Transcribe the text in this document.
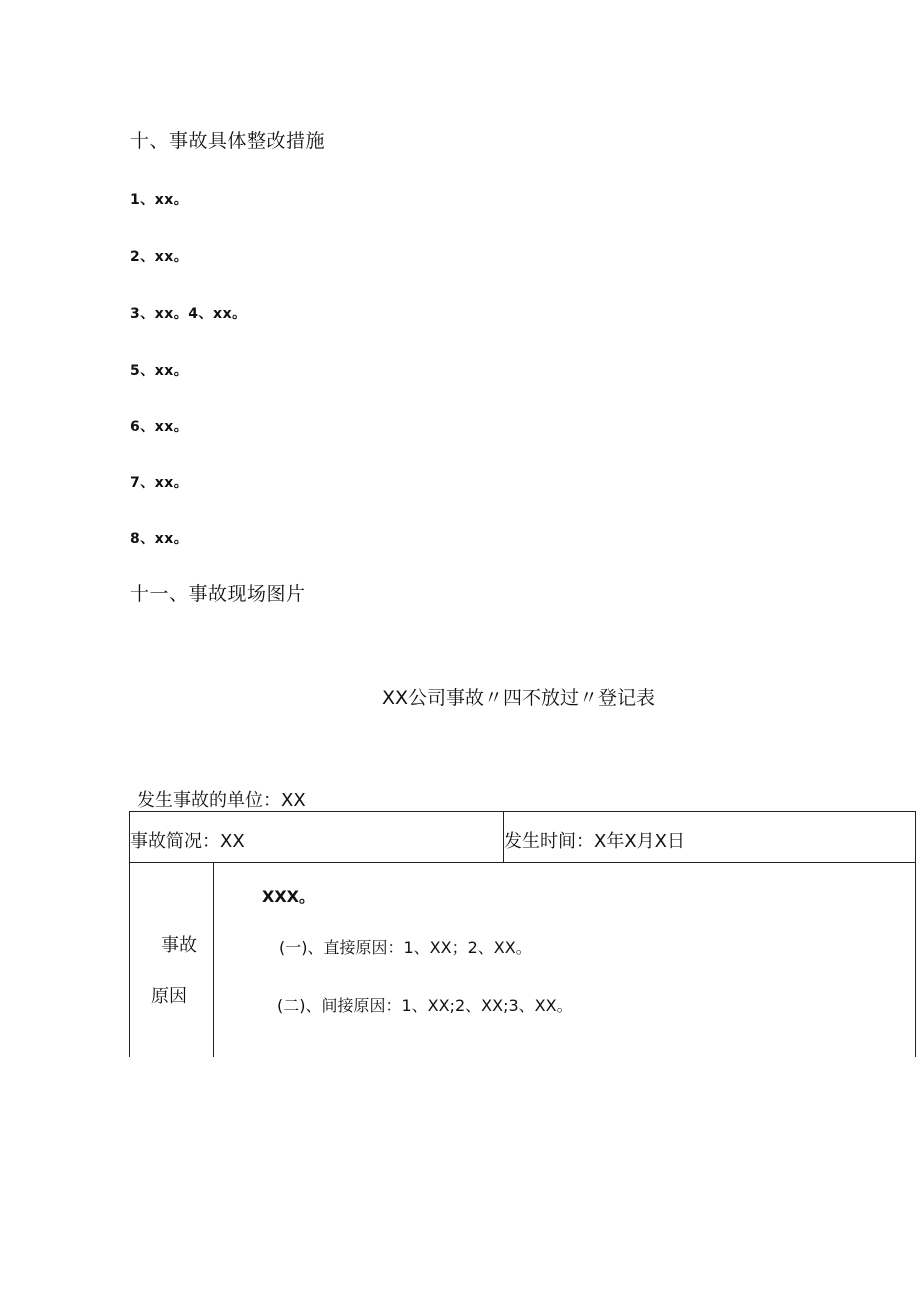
十、事故具体整改措施
1、xx。
2、xx。
3、xx。4、xx。
5、xx。
6、xx。
7、xx。
8、xx。
十一、事故现场图片
XX公司事故〃四不放过〃登记表
发生事故的单位：XX
事故简况：XX	发生时间：X年X月X日
事故
原因
XXX。
(一)、直接原因：1、XX；2、XX。
(二)、间接原因：1、XX;2、XX;3、XX。
